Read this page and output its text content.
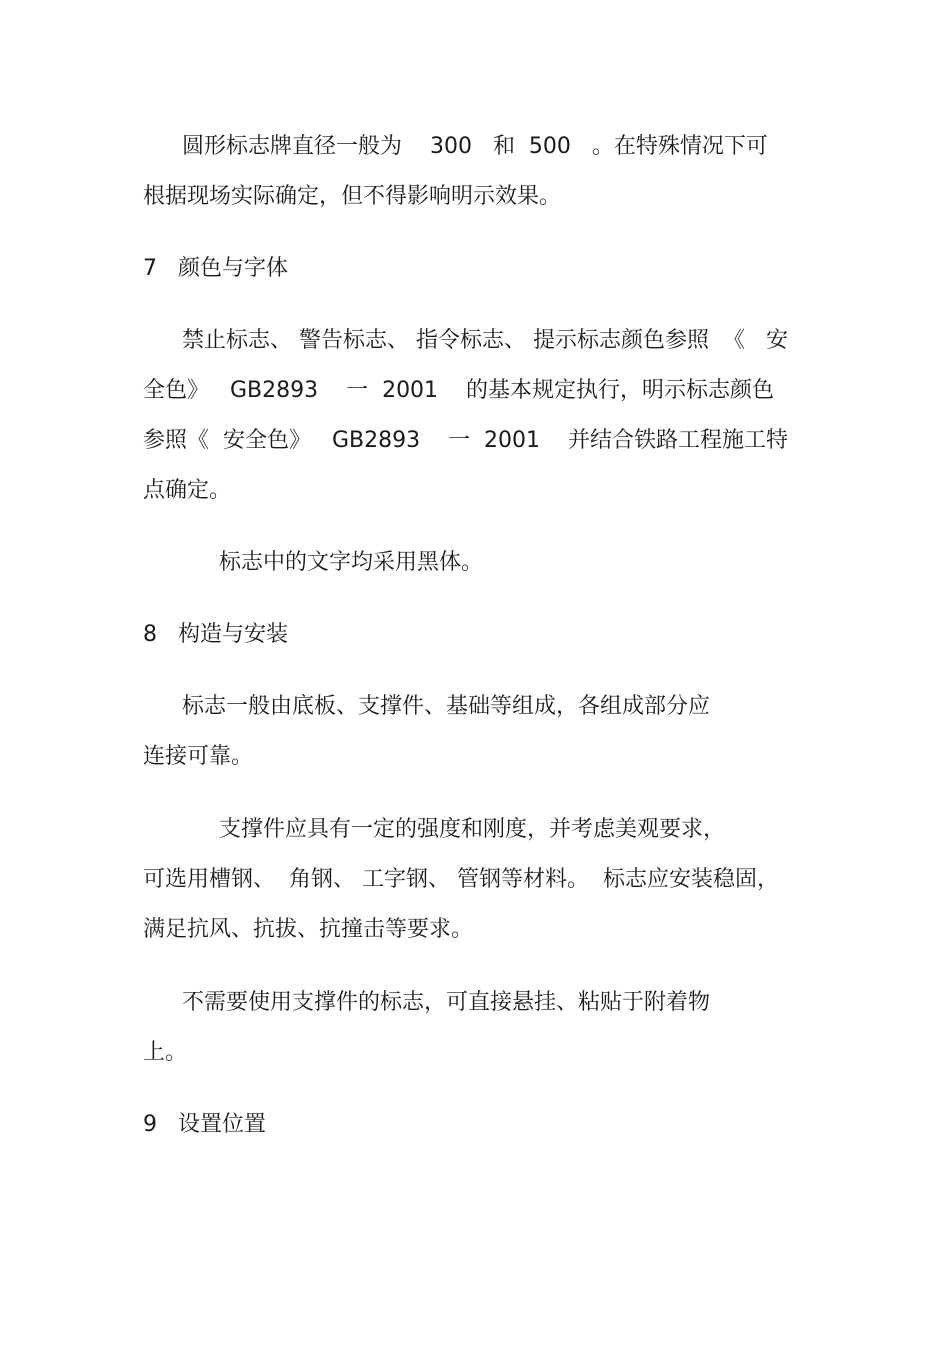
圆形标志牌直径一般为    300   和  500   。在特殊情况下可
根据现场实际确定，但不得影响明示效果。
7   颜色与字体
禁止标志、 警告标志、 指令标志、 提示标志颜色参照  《   安
全色》   GB2893    一  2001    的基本规定执行，明示标志颜色
参照《  安全色》   GB2893    一  2001    并结合铁路工程施工特
点确定。
标志中的文字均采用黑体。
8   构造与安装
标志一般由底板、支撑件、基础等组成，各组成部分应
连接可靠。
支撑件应具有一定的强度和刚度，并考虑美观要求，
可选用槽钢、  角钢、 工字钢、 管钢等材料。  标志应安装稳固，
满足抗风、抗拔、抗撞击等要求。
不需要使用支撑件的标志，可直接悬挂、粘贴于附着物
上。
9   设置位置
